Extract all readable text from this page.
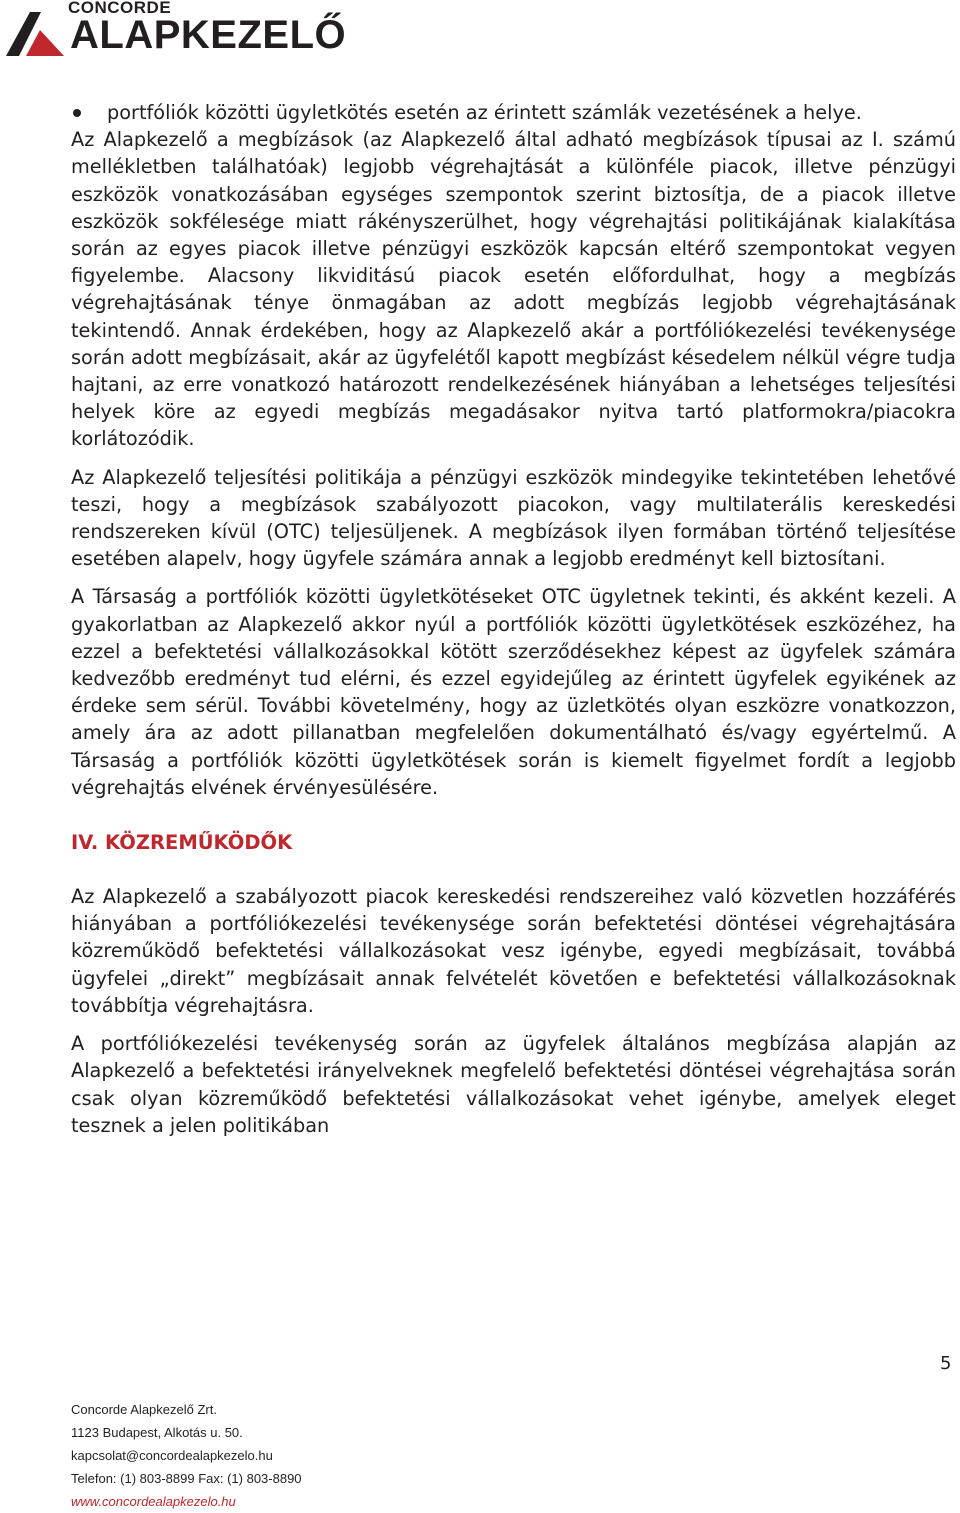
CONCORDE
ALAPKEZELŐ
portfóliók közötti ügyletkötés esetén az érintett számlák vezetésének a helye.

Az Alapkezelő a megbízások (az Alapkezelő által adható megbízások típusai az I. számú mellékletben találhatóak) legjobb végrehajtását a különféle piacok, illetve pénzügyi eszközök vonatkozásában egységes szempontok szerint biztosítja, de a piacok illetve eszközök sokfélesége miatt rákényszerülhet, hogy végrehajtási politikájának kialakítása során az egyes piacok illetve pénzügyi eszközök kapcsán eltérő szempontokat vegyen figyelembe. Alacsony likviditású piacok esetén előfordulhat, hogy a megbízás végrehajtásának ténye önmagában az adott megbízás legjobb végrehajtásának tekintendő. Annak érdekében, hogy az Alapkezelő akár a portfóliókezelési tevékenysége során adott megbízásait, akár az ügyfelétől kapott megbízást késedelem nélkül végre tudja hajtani, az erre vonatkozó határozott rendelkezésének hiányában a lehetséges teljesítési helyek köre az egyedi megbízás megadásakor nyitva tartó platformokra/piacokra korlátozódik.

Az Alapkezelő teljesítési politikája a pénzügyi eszközök mindegyike tekintetében lehetővé teszi, hogy a megbízások szabályozott piacokon, vagy multilaterális kereskedési rendszereken kívül (OTC) teljesüljenek. A megbízások ilyen formában történő teljesítése esetében alapelv, hogy ügyfele számára annak a legjobb eredményt kell biztosítani.

A Társaság a portfóliók közötti ügyletkötéseket OTC ügyletnek tekinti, és akként kezeli. A gyakorlatban az Alapkezelő akkor nyúl a portfóliók közötti ügyletkötések eszközéhez, ha ezzel a befektetési vállalkozásokkal kötött szerződésekhez képest az ügyfelek számára kedvezőbb eredményt tud elérni, és ezzel egyidejűleg az érintett ügyfelek egyikének az érdeke sem sérül. További követelmény, hogy az üzletkötés olyan eszközre vonatkozzon, amely ára az adott pillanatban megfelelően dokumentálható és/vagy egyértelmű. A Társaság a portfóliók közötti ügyletkötések során is kiemelt figyelmet fordít a legjobb végrehajtás elvének érvényesülésére.

IV. KÖZREMŰKÖDŐK

Az Alapkezelő a szabályozott piacok kereskedési rendszereihez való közvetlen hozzáférés hiányában a portfóliókezelési tevékenysége során befektetési döntései végrehajtására közreműködő befektetési vállalkozásokat vesz igénybe, egyedi megbízásait, továbbá ügyfelei „direkt” megbízásait annak felvételét követően e befektetési vállalkozásoknak továbbítja végrehajtásra.

A portfóliókezelési tevékenység során az ügyfelek általános megbízása alapján az Alapkezelő a befektetési irányelveknek megfelelő befektetési döntései végrehajtása során csak olyan közreműködő befektetési vállalkozásokat vehet igénybe, amelyek eleget tesznek a jelen politikában

5
Concorde Alapkezelő Zrt.
1123 Budapest, Alkotás u. 50.
kapcsolat@concordealapkezelo.hu
Telefon: (1) 803-8899 Fax: (1) 803-8890
www.concordealapkezelo.hu
